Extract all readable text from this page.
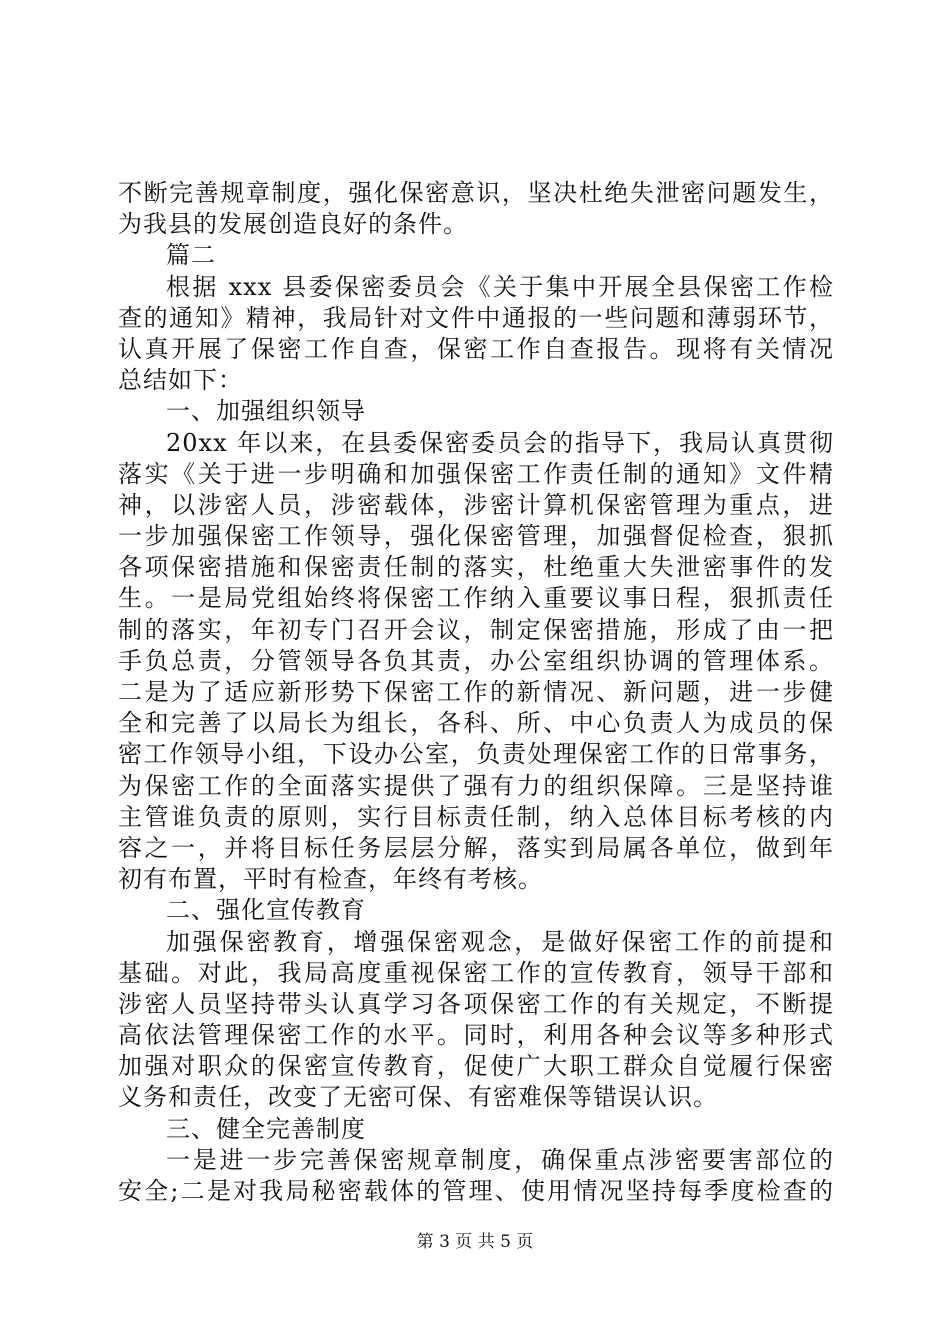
不断完善规章制度，强化保密意识，坚决杜绝失泄密问题发生，
为我县的发展创造良好的条件。
篇二
根据 xxx 县委保密委员会《关于集中开展全县保密工作检
查的通知》精神，我局针对文件中通报的一些问题和薄弱环节，
认真开展了保密工作自查，保密工作自查报告。现将有关情况
总结如下：
一、加强组织领导
20xx 年以来，在县委保密委员会的指导下，我局认真贯彻
落实《关于进一步明确和加强保密工作责任制的通知》文件精
神，以涉密人员，涉密载体，涉密计算机保密管理为重点，进
一步加强保密工作领导，强化保密管理，加强督促检查，狠抓
各项保密措施和保密责任制的落实，杜绝重大失泄密事件的发
生。一是局党组始终将保密工作纳入重要议事日程，狠抓责任
制的落实，年初专门召开会议，制定保密措施，形成了由一把
手负总责，分管领导各负其责，办公室组织协调的管理体系。
二是为了适应新形势下保密工作的新情况、新问题，进一步健
全和完善了以局长为组长，各科、所、中心负责人为成员的保
密工作领导小组，下设办公室，负责处理保密工作的日常事务，
为保密工作的全面落实提供了强有力的组织保障。三是坚持谁
主管谁负责的原则，实行目标责任制，纳入总体目标考核的内
容之一，并将目标任务层层分解，落实到局属各单位，做到年
初有布置，平时有检查，年终有考核。
二、强化宣传教育
加强保密教育，增强保密观念，是做好保密工作的前提和
基础。对此，我局高度重视保密工作的宣传教育，领导干部和
涉密人员坚持带头认真学习各项保密工作的有关规定，不断提
高依法管理保密工作的水平。同时，利用各种会议等多种形式
加强对职众的保密宣传教育，促使广大职工群众自觉履行保密
义务和责任，改变了无密可保、有密难保等错误认识。
三、健全完善制度
一是进一步完善保密规章制度，确保重点涉密要害部位的
安全;二是对我局秘密载体的管理、使用情况坚持每季度检查的
第 3 页 共 5 页
